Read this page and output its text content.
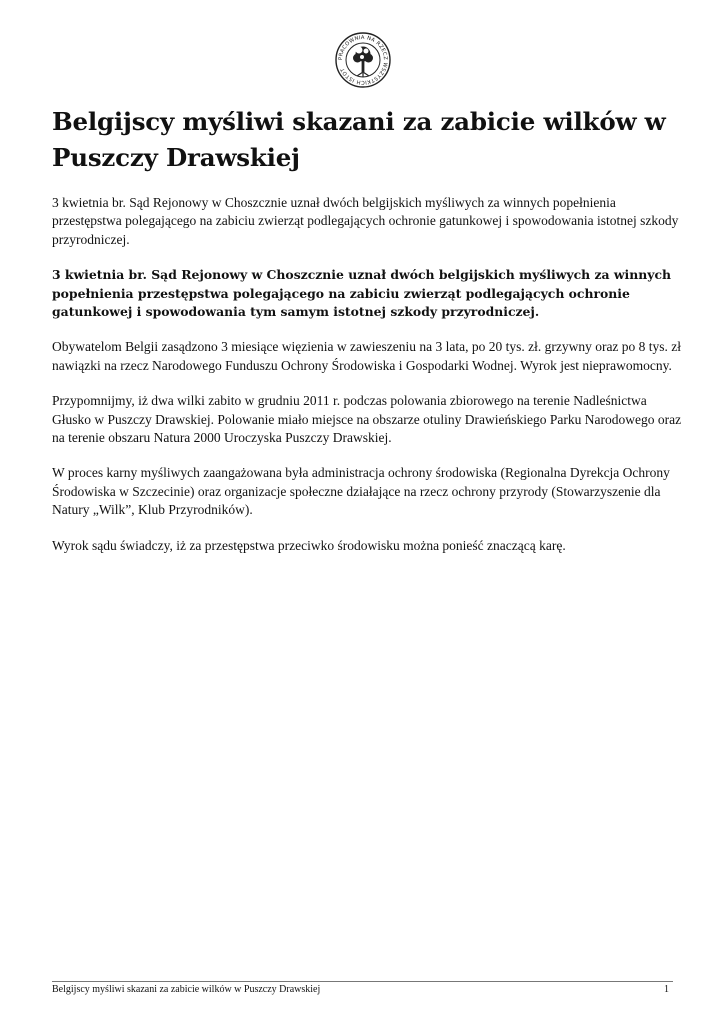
PRACOWNIA NA RZECZ WSZYSTKICH ISTOT
Belgijscy myśliwi skazani za zabicie wilków w Puszczy Drawskiej

3 kwietnia br. Sąd Rejonowy w Choszcznie uznał dwóch belgijskich myśliwych za winnych popełnienia przestępstwa polegającego na zabiciu zwierząt podlegających ochronie gatunkowej i spowodowania istotnej szkody przyrodniczej.

3 kwietnia br. Sąd Rejonowy w Choszcznie uznał dwóch belgijskich myśliwych za winnych popełnienia przestępstwa polegającego na zabiciu zwierząt podlegających ochronie gatunkowej i spowodowania tym samym istotnej szkody przyrodniczej.

Obywatelom Belgii zasądzono 3 miesiące więzienia w zawieszeniu na 3 lata, po 20 tys. zł. grzywny oraz po 8 tys. zł nawiązki na rzecz Narodowego Funduszu Ochrony Środowiska i Gospodarki Wodnej. Wyrok jest nieprawomocny.

Przypomnijmy, iż dwa wilki zabito w grudniu 2011 r. podczas polowania zbiorowego na terenie Nadleśnictwa Głusko w Puszczy Drawskiej. Polowanie miało miejsce na obszarze otuliny Drawieńskiego Parku Narodowego oraz na terenie obszaru Natura 2000 Uroczyska Puszczy Drawskiej.

W proces karny myśliwych zaangażowana była administracja ochrony środowiska (Regionalna Dyrekcja Ochrony Środowiska w Szczecinie) oraz organizacje społeczne działające na rzecz ochrony przyrody (Stowarzyszenie dla Natury „Wilk”, Klub Przyrodników).

Wyrok sądu świadczy, iż za przestępstwa przeciwko środowisku można ponieść znaczącą karę.

Belgijscy myśliwi skazani za zabicie wilków w Puszczy Drawskiej	1
